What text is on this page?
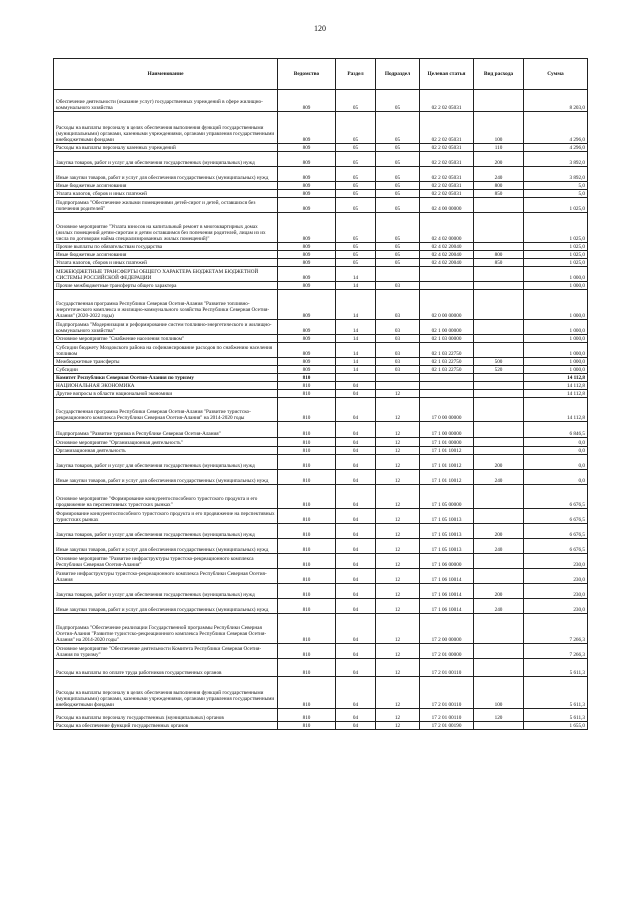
120
Наименование	Ведомство	Раздел	Подраздел	Целевая статья	Вид расхода	Сумма
Обеспечение деятельности (оказание услуг) государственных учреждений в сфере жилищно-коммунального хозяйства	809	05	05	02 2 02 05031		8 203,0
Расходы на выплаты персоналу в целях обеспечения выполнения функций государственными (муниципальными) органами, казенными учреждениями, органами управления государственными внебюджетными фондами	809	05	05	02 2 02 05031	100	4 296,0
Расходы на выплаты персоналу казенных учреждений	809	05	05	02 2 02 05031	110	4 296,0
Закупка товаров, работ и услуг для обеспечения государственных (муниципальных) нужд	809	05	05	02 2 02 05031	200	3 892,0
Иные закупки товаров, работ и услуг для обеспечения государственных (муниципальных) нужд	809	05	05	02 2 02 05031	240	3 892,0
Иные бюджетные ассигнования	809	05	05	02 2 02 05031	800	5,0
Уплата налогов, сборов и иных платежей	809	05	05	02 2 02 05031	850	5,0
Подпрограмма "Обеспечение жилыми помещениями детей-сирот и детей, оставшихся без попечения родителей"	809	05	05	02 4 00 00000		1 025,0
Основное мероприятие "Уплата взносов на капитальный ремонт в многоквартирных домах (жилых помещений детям-сиротам и детям оставшимся без попечения родителей, лицам из их числа по договорам найма специализированных жилых помещений)"	809	05	05	02 4 02 00000		1 025,0
Прочие выплаты по обязательствам государства	809	05	05	02 4 02 20040		1 025,0
Иные бюджетные ассигнования	809	05	05	02 4 02 20040	800	1 025,0
Уплата налогов, сборов и иных платежей	809	05	05	02 4 02 20040	850	1 025,0
МЕЖБЮДЖЕТНЫЕ ТРАНСФЕРТЫ ОБЩЕГО ХАРАКТЕРА БЮДЖЕТАМ БЮДЖЕТНОЙ СИСТЕМЫ РОССИЙСКОЙ ФЕДЕРАЦИИ	809	14				1 000,0
Прочие межбюджетные трансферты общего характера	809	14	03			1 000,0
Государственная программа Республики Северная Осетия-Алания "Развитие топливно-энергетического комплекса и жилищно-коммунального хозяйства Республики Северная Осетия-Алания" (2020-2022 годы)	809	14	03	02 0 00 00000		1 000,0
Подпрограмма "Модернизация и реформирование систем топливно-энергетического и жилищно-коммунального хозяйства"	809	14	03	02 1 00 00000		1 000,0
Основное мероприятие "Снабжение населения топливом"	809	14	03	02 1 03 00000		1 000,0
Субсидии бюджету Моздокского района на софинансирование расходов по снабжению населения топливом	809	14	03	02 1 03 22750		1 000,0
Межбюджетные трансферты	809	14	03	02 1 03 22750	500	1 000,0
Субсидии	809	14	03	02 1 03 22750	520	1 000,0
Комитет Республики Северная Осетия-Алания по туризму	810					14 112,8
НАЦИОНАЛЬНАЯ ЭКОНОМИКА	810	04				14 112,8
Другие вопросы в области национальной экономики	810	04	12			14 112,8
Государственная программа Республики Северная Осетия-Алания "Развитие туристско-рекреационного комплекса Республики Северная Осетия-Алания" на 2014-2020 годы	810	04	12	17 0 00 00000		14 112,8
Подпрограмма "Развитие туризма в Республике Северная Осетия-Алания"	810	04	12	17 1 00 00000		6 846,5
Основное мероприятие "Организационная деятельность"	810	04	12	17 1 01 00000		0,0
Организационная деятельность	810	04	12	17 1 01 10012		0,0
Закупка товаров, работ и услуг для обеспечения государственных (муниципальных) нужд	810	04	12	17 1 01 10012	200	0,0
Иные закупки товаров, работ и услуг для обеспечения государственных (муниципальных) нужд	810	04	12	17 1 01 10012	240	0,0
Основное мероприятие "Формирование конкурентоспособного туристского продукта и его продвижение на перспективных туристских рынках"	810	04	12	17 1 05 00000		6 676,5
Формирование конкурентоспособного туристского продукта и его продвижение на перспективных туристских рынках	810	04	12	17 1 05 10013		6 676,5
Закупка товаров, работ и услуг для обеспечения государственных (муниципальных) нужд	810	04	12	17 1 05 10013	200	6 676,5
Иные закупки товаров, работ и услуг для обеспечения государственных (муниципальных) нужд	810	04	12	17 1 05 10013	240	6 676,5
Основное мероприятие "Развитие инфраструктуры туристско-рекреационного комплекса Республики Северная Осетия-Алания"	810	04	12	17 1 06 00000		230,0
Развитие инфраструктуры туристско-рекреационного комплекса Республики Северная Осетия-Алания	810	04	12	17 1 06 10014		230,0
Закупка товаров, работ и услуг для обеспечения государственных (муниципальных) нужд	810	04	12	17 1 06 10014	200	230,0
Иные закупки товаров, работ и услуг для обеспечения государственных (муниципальных) нужд	810	04	12	17 1 06 10014	240	230,0
Подпрограмма "Обеспечение реализации Государственной программы Республики Северная Осетия-Алания "Развитие туристско-рекреационного комплекса Республики Северная Осетия-Алания" на 2014-2020 годы"	810	04	12	17 2 00 00000		7 266,3
Основное мероприятие "Обеспечение деятельности Комитета Республики Северная Осетия-Алания по туризму"	810	04	12	17 2 01 00000		7 266,3
Расходы на выплаты по оплате труда работников государственных органов	810	04	12	17 2 01 00110		5 611,3
Расходы на выплаты персоналу в целях обеспечения выполнения функций государственными (муниципальными) органами, казенными учреждениями, органами управления государственными внебюджетными фондами	810	04	12	17 2 01 00110	100	5 611,3
Расходы на выплаты персоналу государственных (муниципальных) органов	810	04	12	17 2 01 00110	120	5 611,3
Расходы на обеспечение функций государственных органов	810	04	12	17 2 01 00190		1 655,0
